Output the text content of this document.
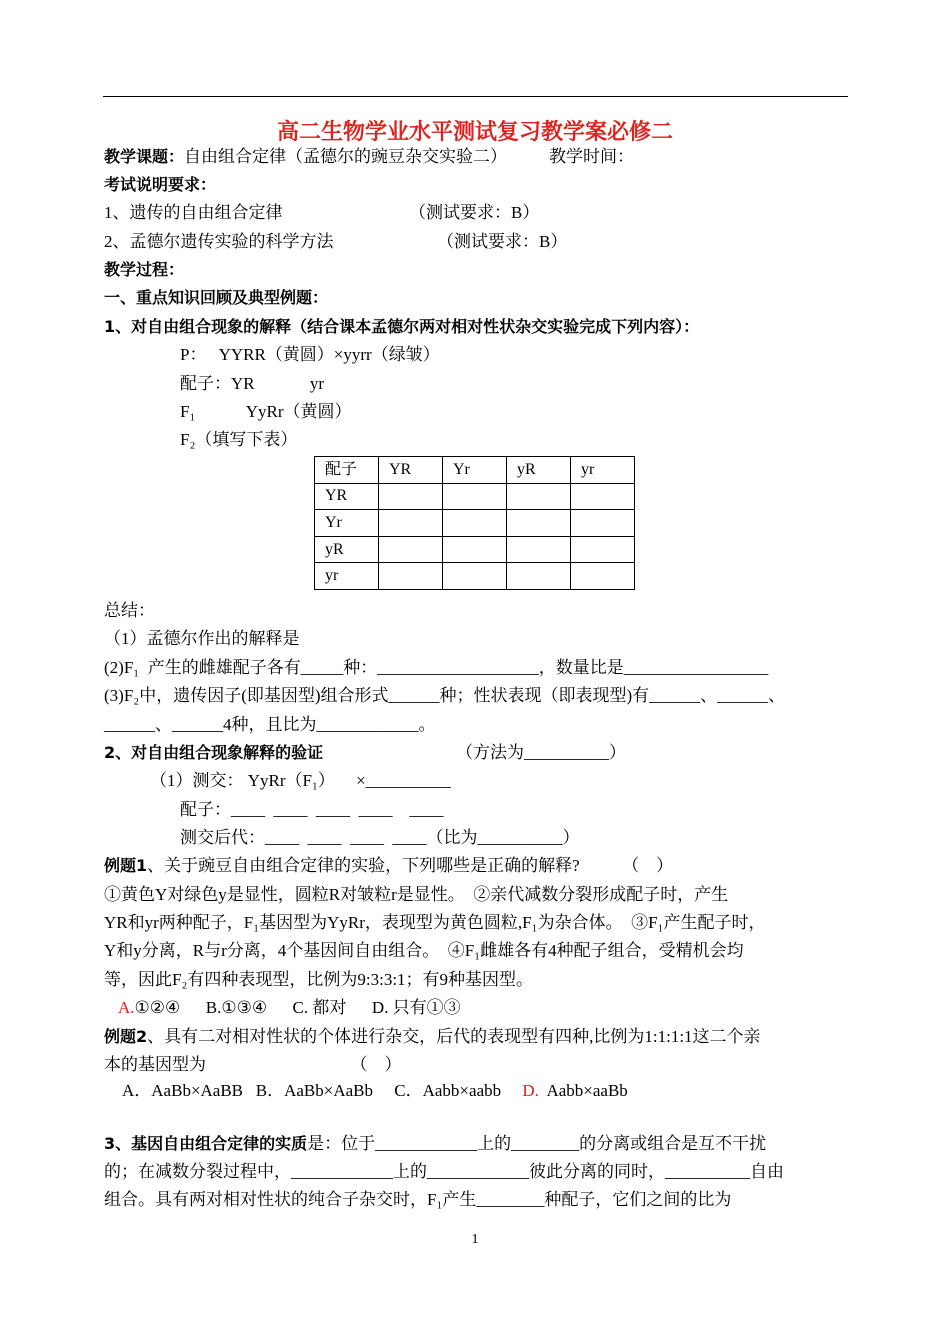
高二生物学业水平测试复习教学案必修二
教学课题：自由组合定律（孟德尔的豌豆杂交实验二） 教学时间：
考试说明要求：
1、遗传的自由组合定律	（测试要求：B）
2、孟德尔遗传实验的科学方法	（测试要求：B）
教学过程：
一、重点知识回顾及典型例题：
1、对自由组合现象的解释（结合课本孟德尔两对相对性状杂交实验完成下列内容）：
P：   YYRR（黄圆）×yyrr（绿皱）
配子：YR             yr
F₁            YyRr（黄圆）
F₂（填写下表）
配子	YR	Yr	yR	yr
YR				
Yr				
yR				
yr				
总结：
（1）孟德尔作出的解释是
(2)F₁  产生的雌雄配子各有_____种：___________________，数量比是_________________
(3)F₂中，遗传因子(即基因型)组合形式______种；性状表现（即表现型)有______、______、
______、______4种，且比为____________。
2、对自由组合现象解释的验证	（方法为__________）
（1）测交： YyRr（F₁）     ×__________
配子：____  ____  ____  ____    ____
测交后代：____  ____  ____  ____（比为__________）
例题1、关于豌豆自由组合定律的实验，下列哪些是正确的解释?          （    ）
①黄色Y对绿色y是显性，圆粒R对皱粒r是显性。  ②亲代减数分裂形成配子时，产生
YR和yr两种配子，F₁基因型为YyRr，表现型为黄色圆粒,F₁为杂合体。  ③F₁产生配子时，
Y和y分离，R与r分离，4个基因间自由组合。  ④F₁雌雄各有4种配子组合，受精机会均
等，因此F₂有四种表现型，比例为9:3:3:1；有9种基因型。
A.①②④      B.①③④      C. 都对      D. 只有①③
例题2、具有二对相对性状的个体进行杂交，后代的表现型有四种,比例为1:1:1:1这二个亲
本的基因型为                                  （    ）
A．AaBb×AaBB   B．AaBb×AaBb     C．Aabb×aabb     D.  Aabb×aaBb
3、基因自由组合定律的实质是：位于____________上的________的分离或组合是互不干扰
的；在减数分裂过程中，____________上的____________彼此分离的同时，__________自由
组合。具有两对相对性状的纯合子杂交时，F₁产生________种配子，它们之间的比为
1
